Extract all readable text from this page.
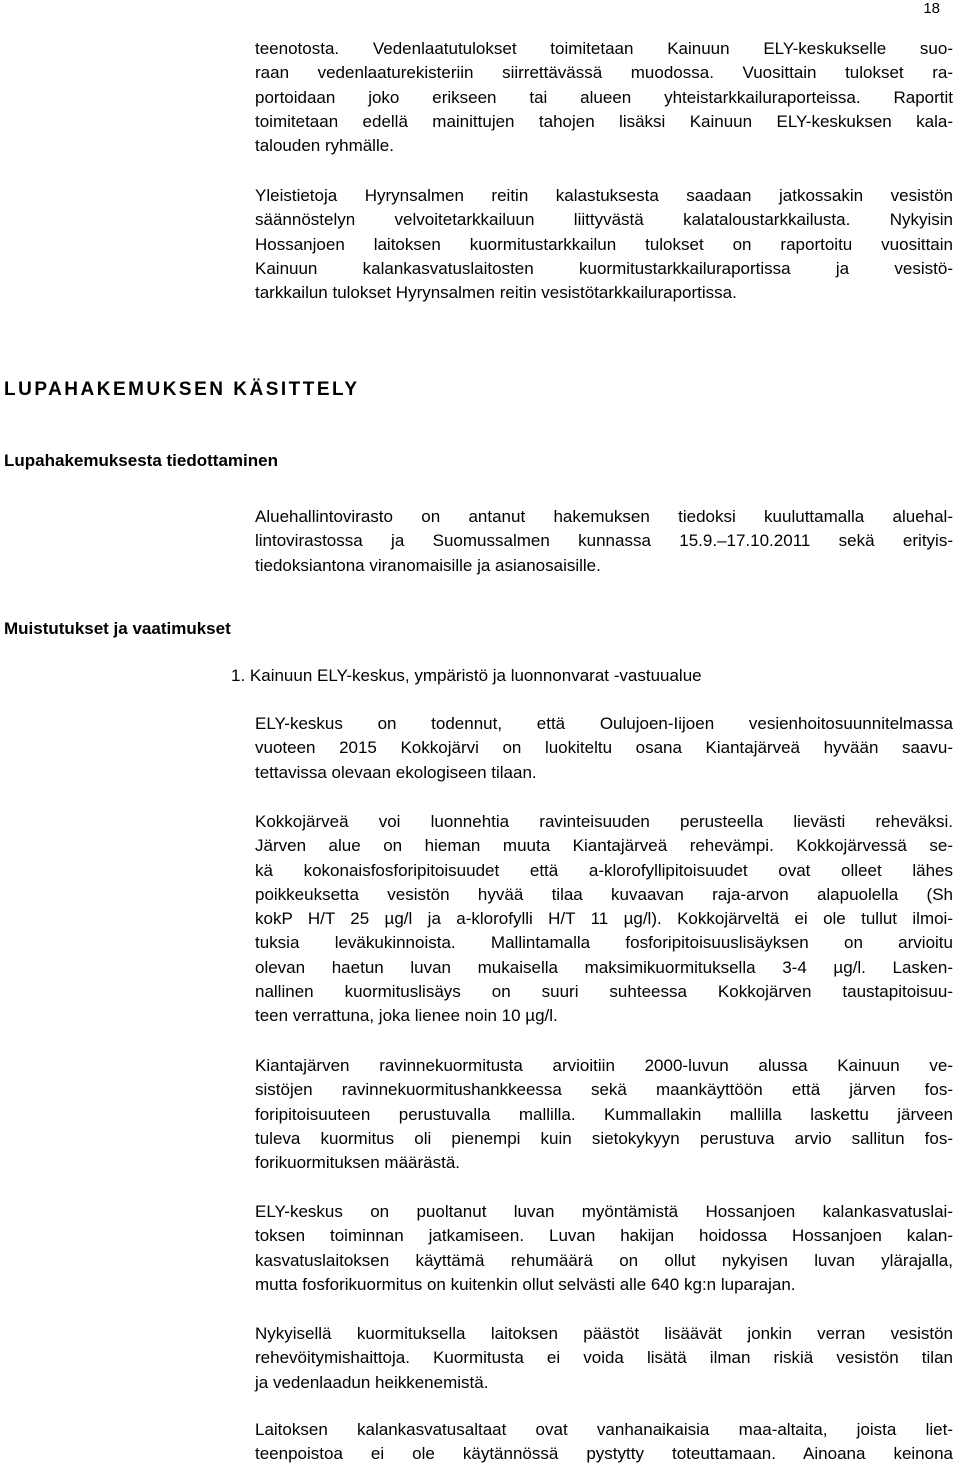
18
teenotosta. Vedenlaatutulokset toimitetaan Kainuun ELY-keskukselle suo-
raan vedenlaaturekisteriin siirrettävässä muodossa. Vuosittain tulokset ra-
portoidaan joko erikseen tai alueen yhteistarkkailuraporteissa. Raportit
toimitetaan edellä mainittujen tahojen lisäksi Kainuun ELY-keskuksen kala-
talouden ryhmälle.
Yleistietoja Hyrynsalmen reitin kalastuksesta saadaan jatkossakin vesistön
säännöstelyn velvoitetarkkailuun liittyvästä kalataloustarkkailusta. Nykyisin
Hossanjoen laitoksen kuormitustarkkailun tulokset on raportoitu vuosittain
Kainuun kalankasvatuslaitosten kuormitustarkkailuraportissa ja vesistö-
tarkkailun tulokset Hyrynsalmen reitin vesistötarkkailuraportissa.
LUPAHAKEMUKSEN KÄSITTELY
Lupahakemuksesta tiedottaminen
Aluehallintovirasto on antanut hakemuksen tiedoksi kuuluttamalla aluehal-
lintovirastossa ja Suomussalmen kunnassa 15.9.–17.10.2011 sekä erityis-
tiedoksiantona viranomaisille ja asianosaisille.
Muistutukset ja vaatimukset
1. Kainuun ELY-keskus, ympäristö ja luonnonvarat -vastuualue
ELY-keskus on todennut, että Oulujoen-Iijoen vesienhoitosuunnitelmassa
vuoteen 2015 Kokkojärvi on luokiteltu osana Kiantajärveä hyvään saavu-
tettavissa olevaan ekologiseen tilaan.
Kokkojärveä voi luonnehtia ravinteisuuden perusteella lievästi reheväksi.
Järven alue on hieman muuta Kiantajärveä rehevämpi. Kokkojärvessä se-
kä kokonaisfosforipitoisuudet että a-klorofyllipitoisuudet ovat olleet lähes
poikkeuksetta vesistön hyvää tilaa kuvaavan raja-arvon alapuolella (Sh
kokP H/T 25 µg/l ja a-klorofylli H/T 11 µg/l). Kokkojärveltä ei ole tullut ilmoi-
tuksia leväkukinnoista. Mallintamalla fosforipitoisuuslisäyksen on arvioitu
olevan haetun luvan mukaisella maksimikuormituksella 3-4 µg/l. Lasken-
nallinen kuormituslisäys on suuri suhteessa Kokkojärven taustapitoisuu-
teen verrattuna, joka lienee noin 10 µg/l.
Kiantajärven ravinnekuormitusta arvioitiin 2000-luvun alussa Kainuun ve-
sistöjen ravinnekuormitushankkeessa sekä maankäyttöön että järven fos-
foripitoisuuteen perustuvalla mallilla. Kummallakin mallilla laskettu järveen
tuleva kuormitus oli pienempi kuin sietokykyyn perustuva arvio sallitun fos-
forikuormituksen määrästä.
ELY-keskus on puoltanut luvan myöntämistä Hossanjoen kalankasvatuslai-
toksen toiminnan jatkamiseen. Luvan hakijan hoidossa Hossanjoen kalan-
kasvatuslaitoksen käyttämä rehumäärä on ollut nykyisen luvan ylärajalla,
mutta fosforikuormitus on kuitenkin ollut selvästi alle 640 kg:n luparajan.
Nykyisellä kuormituksella laitoksen päästöt lisäävät jonkin verran vesistön
rehevöitymishaittoja. Kuormitusta ei voida lisätä ilman riskiä vesistön tilan
ja vedenlaadun heikkenemistä.
Laitoksen kalankasvatusaltaat ovat vanhanaikaisia maa-altaita, joista liet-
teenpoistoa ei ole käytännössä pystytty toteuttamaan. Ainoana keinona
